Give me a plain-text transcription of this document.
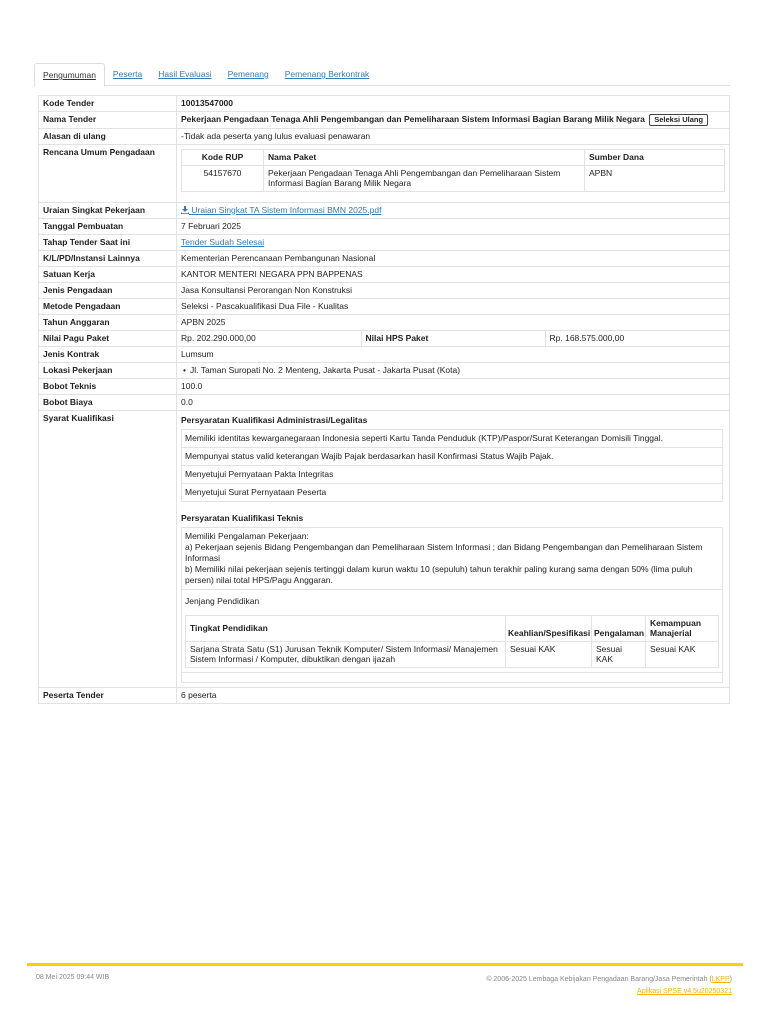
Pengumuman	Peserta	Hasil Evaluasi	Pemenang	Pemenang Berkontrak
Kode Tender	10013547000
Nama Tender	Pekerjaan Pengadaan Tenaga Ahli Pengembangan dan Pemeliharaan Sistem Informasi Bagian Barang Milik Negara Seleksi Ulang
Alasan di ulang	-Tidak ada peserta yang lulus evaluasi penawaran
Rencana Umum Pengadaan		Kode RUP	Nama Paket	Sumber Dana
54157670	Pekerjaan Pengadaan Tenaga Ahli Pengembangan dan Pemeliharaan Sistem Informasi Bagian Barang Milik Negara	APBN

Uraian Singkat Pekerjaan	Uraian Singkat TA Sistem Informasi BMN 2025.pdf
Tanggal Pembuatan	7 Februari 2025
Tahap Tender Saat ini	Tender Sudah Selesai
K/L/PD/Instansi Lainnya	Kementerian Perencanaan Pembangunan Nasional
Satuan Kerja	KANTOR MENTERI NEGARA PPN BAPPENAS
Jenis Pengadaan	Jasa Konsultansi Perorangan Non Konstruksi
Metode Pengadaan	Seleksi - Pascakualifikasi Dua File - Kualitas
Tahun Anggaran	APBN 2025
Nilai Pagu Paket		Rp. 202.290.000,00	Nilai HPS Paket	Rp. 168.575.000,00

Jenis Kontrak	Lumsum
Lokasi Pekerjaan	• Jl. Taman Suropati No. 2 Menteng, Jakarta Pusat - Jakarta Pusat (Kota)
Bobot Teknis	100.0
Bobot Biaya	0.0
Syarat Kualifikasi	Persyaratan Kualifikasi Administrasi/Legalitas
Memiliki identitas kewarganegaraan Indonesia seperti Kartu Tanda Penduduk (KTP)/Paspor/Surat Keterangan Domisili Tinggal.
Mempunyai status valid keterangan Wajib Pajak berdasarkan hasil Konfirmasi Status Wajib Pajak.
Menyetujui Pernyataan Pakta Integritas
Menyetujui Surat Pernyataan Peserta
Persyaratan Kualifikasi Teknis
Memiliki Pengalaman Pekerjaan:
a) Pekerjaan sejenis Bidang Pengembangan dan Pemeliharaan Sistem Informasi ; dan Bidang Pengembangan dan Pemeliharaan Sistem Informasi
b) Memiliki nilai pekerjaan sejenis tertinggi dalam kurun waktu 10 (sepuluh) tahun terakhir paling kurang sama dengan 50% (lima puluh persen) nilai total HPS/Pagu Anggaran.
Jenjang Pendidikan
Tingkat Pendidikan	Keahlian/Spesifikasi	Pengalaman	Kemampuan Manajerial
Sarjana Strata Satu (S1) Jurusan Teknik Komputer/ Sistem Informasi/ Manajemen Sistem Informasi / Komputer, dibuktikan dengan ijazah	Sesuai KAK	Sesuai KAK	Sesuai KAK

Peserta Tender	6 peserta
08 Mei 2025 09:44 WIB	© 2006-2025 Lembaga Kebijakan Pengadaan Barang/Jasa Pemerintah (LKPP)
Aplikasi SPSE v4.5u20250321
